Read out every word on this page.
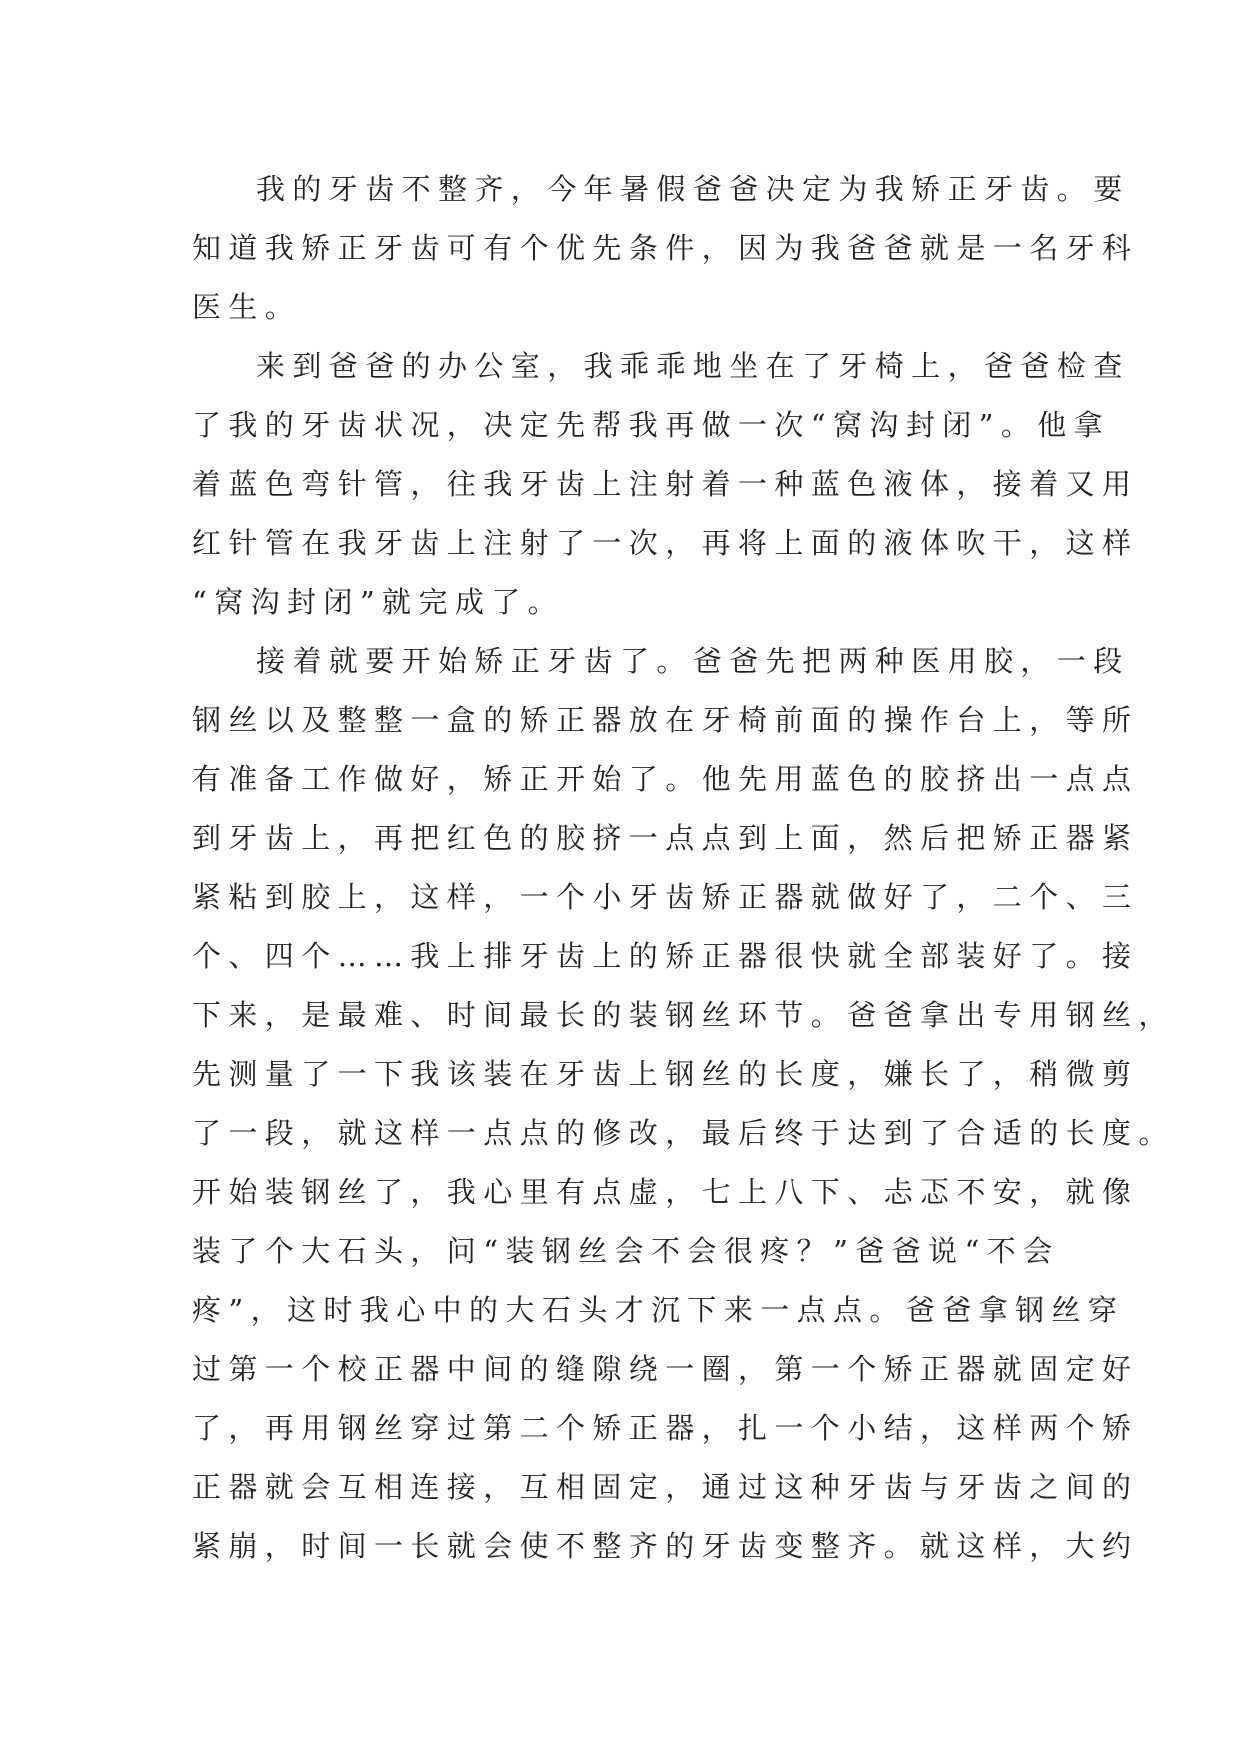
我的牙齿不整齐，今年暑假爸爸决定为我矫正牙齿。要
知道我矫正牙齿可有个优先条件，因为我爸爸就是一名牙科
医生。

来到爸爸的办公室，我乖乖地坐在了牙椅上，爸爸检查
了我的牙齿状况，决定先帮我再做一次“窝沟封闭”。他拿
着蓝色弯针管，往我牙齿上注射着一种蓝色液体，接着又用
红针管在我牙齿上注射了一次，再将上面的液体吹干，这样
“窝沟封闭”就完成了。

接着就要开始矫正牙齿了。爸爸先把两种医用胶，一段
钢丝以及整整一盒的矫正器放在牙椅前面的操作台上，等所
有准备工作做好，矫正开始了。他先用蓝色的胶挤出一点点
到牙齿上，再把红色的胶挤一点点到上面，然后把矫正器紧
紧粘到胶上，这样，一个小牙齿矫正器就做好了，二个、三
个、四个……我上排牙齿上的矫正器很快就全部装好了。接
下来，是最难、时间最长的装钢丝环节。爸爸拿出专用钢丝，
先测量了一下我该装在牙齿上钢丝的长度，嫌长了，稍微剪
了一段，就这样一点点的修改，最后终于达到了合适的长度。
开始装钢丝了，我心里有点虚，七上八下、忐忑不安，就像
装了个大石头，问“装钢丝会不会很疼？”爸爸说“不会
疼”，这时我心中的大石头才沉下来一点点。爸爸拿钢丝穿
过第一个校正器中间的缝隙绕一圈，第一个矫正器就固定好
了，再用钢丝穿过第二个矫正器，扎一个小结，这样两个矫
正器就会互相连接，互相固定，通过这种牙齿与牙齿之间的
紧崩，时间一长就会使不整齐的牙齿变整齐。就这样，大约
